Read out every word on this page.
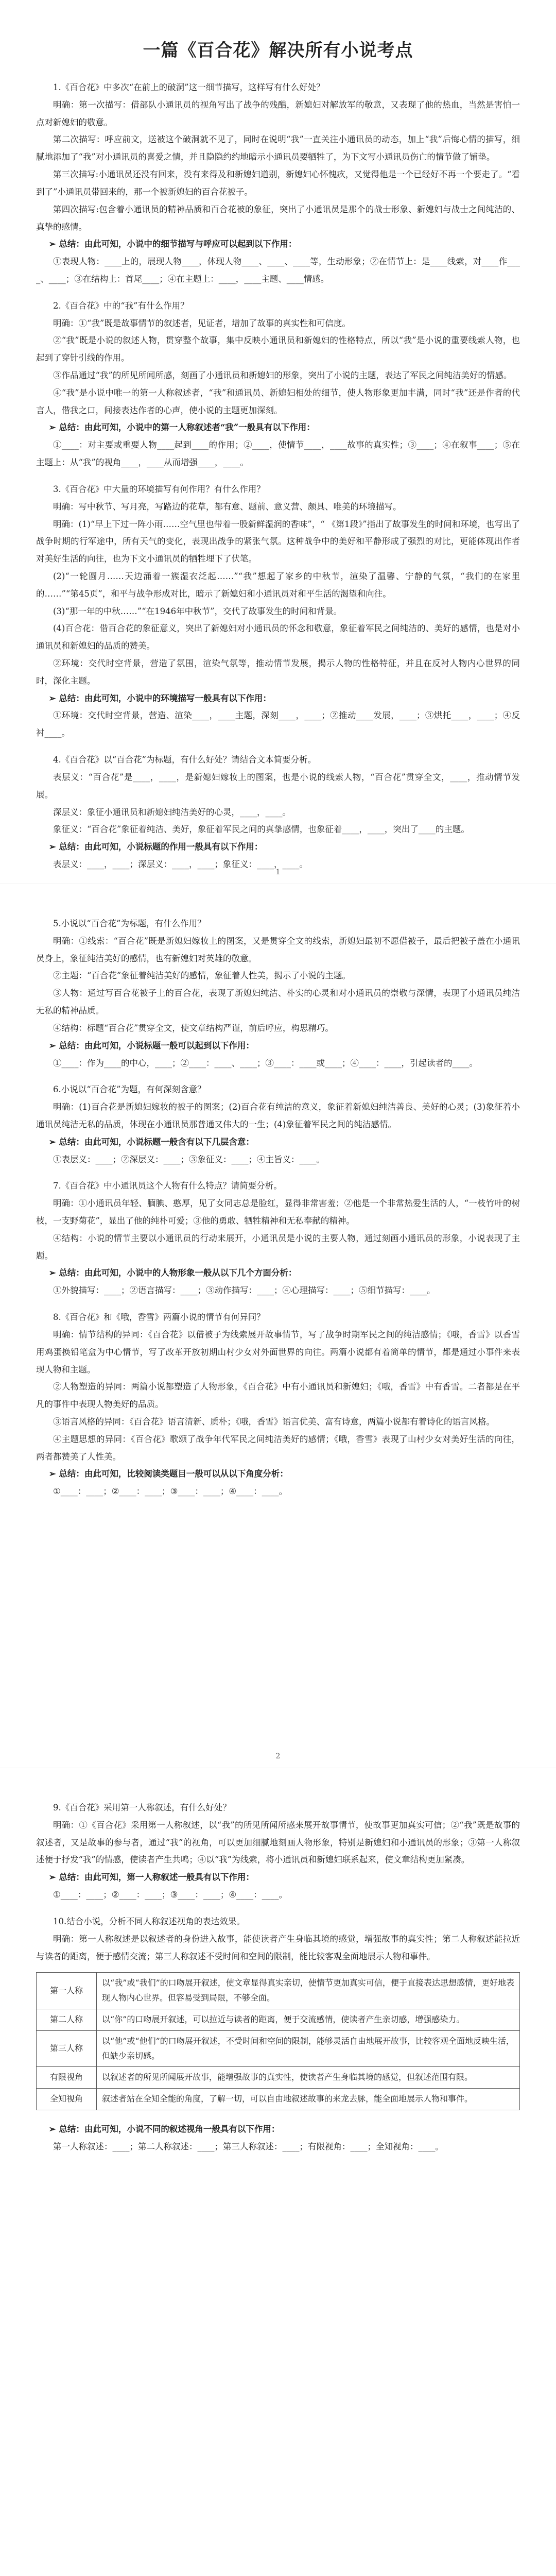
一篇《百合花》解决所有小说考点

1.《百合花》中多次“在前上的破洞”这一细节描写，这样写有什么好处？

明确：第一次描写：借部队小通讯员的视角写出了战争的残酷，新媳妇对解放军的敬意，又表现了他的热血，当然是害怕一点对新媳妇的敬意。

第二次描写：呼应前文，送被这个破洞就不见了，同时在说明“我”一直关注小通讯员的动态，加上“我”后悔心情的描写，细腻地添加了“我”对小通讯员的喜爱之情，并且隐隐约约地暗示小通讯员要牺牲了，为下文写小通讯员伤亡的情节做了铺垫。

第三次描写:小通讯员还没有回来，没有来得及和新媳妇道别，新媳妇心怀愧疚，又觉得他是一个已经好不再一个要走了。“看到了”小通讯员带回来的，那一个被新媳妇的百合花被子。

第四次描写:包含着小通讯员的精神品质和百合花被的象征，突出了小通讯员是那个的战士形象、新媳妇与战士之间纯洁的、真挚的感情。

➢ 总结：由此可知，小说中的细节描写与呼应可以起到以下作用：

①表现人物：____上的，展现人物____，体现人物____、____、____等，生动形象；②在情节上：是____线索，对____作____、____；③在结构上：首尾____；④在主题上：____，____主题、____情感。

2.《百合花》中的“我”有什么作用？

明确：①“我”既是故事情节的叙述者，见证者，增加了故事的真实性和可信度。

②“我”既是小说的叙述人物，贯穿整个故事，集中反映小通讯员和新媳妇的性格特点，所以“我”是小说的重要线索人物，也起到了穿针引线的作用。

③作品通过“我”的所见所闻所感，刻画了小通讯员和新媳妇的形象，突出了小说的主题，表达了军民之间纯洁美好的情感。

④“我”是小说中唯一的第一人称叙述者，“我”和通讯员、新媳妇相处的细节，使人物形象更加丰满，同时“我”还是作者的代言人，借我之口，间接表达作者的心声，使小说的主题更加深刻。

➢ 总结：由此可知，小说中的第一人称叙述者“我”一般具有以下作用：

①____：对主要或重要人物____起到____的作用；②____，使情节____，____故事的真实性；③____；④在叙事____；⑤在主题上：从“我”的视角____，____从而增强____，____。

3.《百合花》中大量的环境描写有何作用？有什么作用？

明确：写中秋节、写月亮，写路边的花草，都有意、题前、意义营、颇具、唯美的环境描写。

明确：(1)“早上下过一阵小雨……空气里也带着一股新鲜湿润的香味”，“ 《第1段》”指出了故事发生的时间和环境，也写出了战争时期的行军途中，所有天气的变化，表现出战争的紧张气氛。这种战争中的美好和平静形成了强烈的对比，更能体现出作者对美好生活的向往，也为下文小通讯员的牺牲埋下了伏笔。

(2)“一轮圆月……天边涌着一簇湿衣泛起……”“我”想起了家乡的中秋节，渲染了温馨、宁静的气氛，“我们的在家里的……”“第45页”，和平与战争形成对比，暗示了新媳妇和小通讯员对和平生活的渴望和向往。

(3)“那一年的中秋……”“在1946年中秋节”，交代了故事发生的时间和背景。

(4)百合花：借百合花的象征意义，突出了新媳妇对小通讯员的怀念和敬意，象征着军民之间纯洁的、美好的感情，也是对小通讯员和新媳妇的品质的赞美。

②环境：交代时空背景，营造了氛围，渲染气氛等，推动情节发展，揭示人物的性格特征，并且在反衬人物内心世界的同时，深化主题。

➢ 总结：由此可知，小说中的环境描写一般具有以下作用：

①环境：交代时空背景，营造、渲染____，____主题，深刻____，____；②推动____发展，____；③烘托____，____；④反衬____。

4.《百合花》以“百合花”为标题，有什么好处？请结合文本简要分析。

表层义：“百合花”是____，____，是新媳妇嫁妆上的图案，也是小说的线索人物，“百合花”贯穿全文，____，推动情节发展。

深层义：象征小通讯员和新媳妇纯洁美好的心灵，____，____。

象征义：“百合花”象征着纯洁、美好，象征着军民之间的真挚感情，也象征着____，____，突出了____的主题。

➢ 总结：由此可知，小说标题的作用一般具有以下作用：

表层义：____，____；深层义：____，____；象征义：____，____。

1

5.小说以“百合花”为标题，有什么作用？

明确：①线索：“百合花”既是新媳妇嫁妆上的图案，又是贯穿全文的线索，新媳妇最初不愿借被子，最后把被子盖在小通讯员身上，象征纯洁美好的感情，也有新媳妇对英雄的敬意。

②主题：“百合花”象征着纯洁美好的感情，象征着人性美，揭示了小说的主题。

③人物：通过写百合花被子上的百合花，表现了新媳妇纯洁、朴实的心灵和对小通讯员的崇敬与深情，表现了小通讯员纯洁无私的精神品质。

④结构：标题“百合花”贯穿全文，使文章结构严谨，前后呼应，构思精巧。

➢ 总结：由此可知，小说标题一般可以起到以下作用：

①____：作为____的中心，____；②____：____、____；③____：____或____；④____：____，引起读者的____。

6.小说以“百合花”为题，有何深刻含意？

明确：(1)百合花是新媳妇嫁妆的被子的图案；(2)百合花有纯洁的意义，象征着新媳妇纯洁善良、美好的心灵；(3)象征着小通讯员纯洁无私的品质，体现在小通讯员那普通又伟大的一生；(4)象征着军民之间的纯洁感情。

➢ 总结：由此可知，小说标题一般含有以下几层含意：

①表层义：____；②深层义：____；③象征义：____；④主旨义：____。

7.《百合花》中小通讯员这个人物有什么特点？请简要分析。

明确：①小通讯员年轻、腼腆、憨厚，见了女同志总是脸红，显得非常害羞；②他是一个非常热爱生活的人，“一枝竹叶的树枝，一支野菊花”，显出了他的纯朴可爱；③他的勇敢、牺牲精神和无私奉献的精神。

④结构：小说的情节主要以小通讯员的行动来展开，小通讯员是小说的主要人物，通过刻画小通讯员的形象，小说表现了主题。

➢ 总结：由此可知，小说中的人物形象一般从以下几个方面分析：

①外貌描写：____；②语言描写：____；③动作描写：____；④心理描写：____；⑤细节描写：____。

8.《百合花》和《哦，香雪》两篇小说的情节有何异同？

明确：情节结构的异同：《百合花》以借被子为线索展开故事情节，写了战争时期军民之间的纯洁感情；《哦，香雪》以香雪用鸡蛋换铅笔盒为中心情节，写了改革开放初期山村少女对外面世界的向往。两篇小说都有着简单的情节，都是通过小事件来表现人物和主题。

②人物塑造的异同：两篇小说都塑造了人物形象，《百合花》中有小通讯员和新媳妇；《哦，香雪》中有香雪。二者都是在平凡的事件中表现人物美好的品质。

③语言风格的异同：《百合花》语言清新、质朴；《哦，香雪》语言优美、富有诗意，两篇小说都有着诗化的语言风格。

④主题思想的异同：《百合花》歌颂了战争年代军民之间纯洁美好的感情；《哦，香雪》表现了山村少女对美好生活的向往，两者都赞美了人性美。

➢ 总结：由此可知，比较阅读类题目一般可以从以下角度分析：

①____：____；②____：____；③____：____；④____：____。

2

9.《百合花》采用第一人称叙述，有什么好处？

明确：①《百合花》采用第一人称叙述，以“我”的所见所闻所感来展开故事情节，使故事更加真实可信；②“我”既是故事的叙述者，又是故事的参与者，通过“我”的视角，可以更加细腻地刻画人物形象，特别是新媳妇和小通讯员的形象；③第一人称叙述便于抒发“我”的情感，使读者产生共鸣；④以“我”为线索，将小通讯员和新媳妇联系起来，使文章结构更加紧凑。

➢ 总结：由此可知，第一人称叙述一般具有以下作用：

①____：____；②____：____；③____：____；④____：____。

10.结合小说，分析不同人称叙述视角的表达效果。

明确：第一人称叙述是以叙述者的身份进入故事，能使读者产生身临其境的感觉，增强故事的真实性；第二人称叙述能拉近与读者的距离，便于感情交流；第三人称叙述不受时间和空间的限制，能比较客观全面地展示人物和事件。

第一人称	以“我”或“我们”的口吻展开叙述，使文章显得真实亲切，使情节更加真实可信，便于直接表达思想感情，更好地表现人物内心世界。但容易受到局限，不够全面。
第二人称	以“你”的口吻展开叙述，可以拉近与读者的距离，便于交流感情，使读者产生亲切感，增强感染力。
第三人称	以“他”或“他们”的口吻展开叙述，不受时间和空间的限制，能够灵活自由地展开故事，比较客观全面地反映生活，但缺少亲切感。
有限视角	以叙述者的所见所闻展开故事，能增强故事的真实性，使读者产生身临其境的感觉，但叙述范围有限。
全知视角	叙述者站在全知全能的角度，了解一切，可以自由地叙述故事的来龙去脉，能全面地展示人物和事件。

➢ 总结：由此可知，小说不同的叙述视角一般具有以下作用：

第一人称叙述：____；第二人称叙述：____；第三人称叙述：____；有限视角：____；全知视角：____。
